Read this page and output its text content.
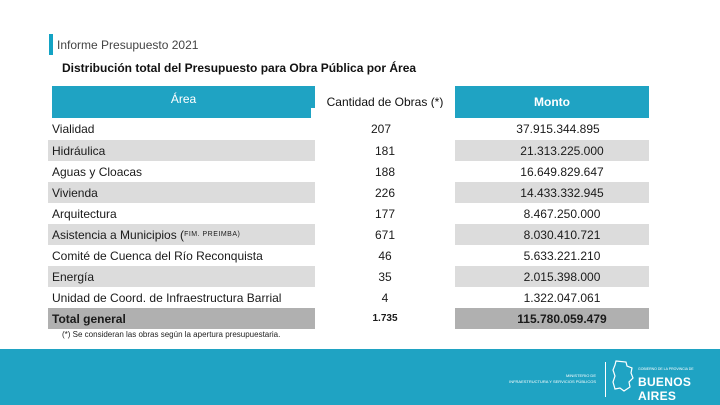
Informe Presupuesto 2021
Distribución total del Presupuesto para Obra Pública por Área
Área	Cantidad de Obras (*)	Monto
Vialidad	207	37.915.344.895
Hidráulica	181	21.313.225.000
Aguas y Cloacas	188	16.649.829.647
Vivienda	226	14.433.332.945
Arquitectura	177	8.467.250.000
Asistencia a Municipios ( FIM. PREIMBA)	671	8.030.410.721
Comité de Cuenca del Río Reconquista	46	5.633.221.210
Energía	35	2.015.398.000
Unidad de Coord. de Infraestructura Barrial	4	1.322.047.061
Total general	1.735	115.780.059.479
(*) Se consideran las obras según la apertura presupuestaria.
MINISTERIO DE
INFRAESTRUCTURA Y SERVICIOS PÚBLICOS
GOBIERNO DE LA PROVINCIA DE
BUENOS AIRES
